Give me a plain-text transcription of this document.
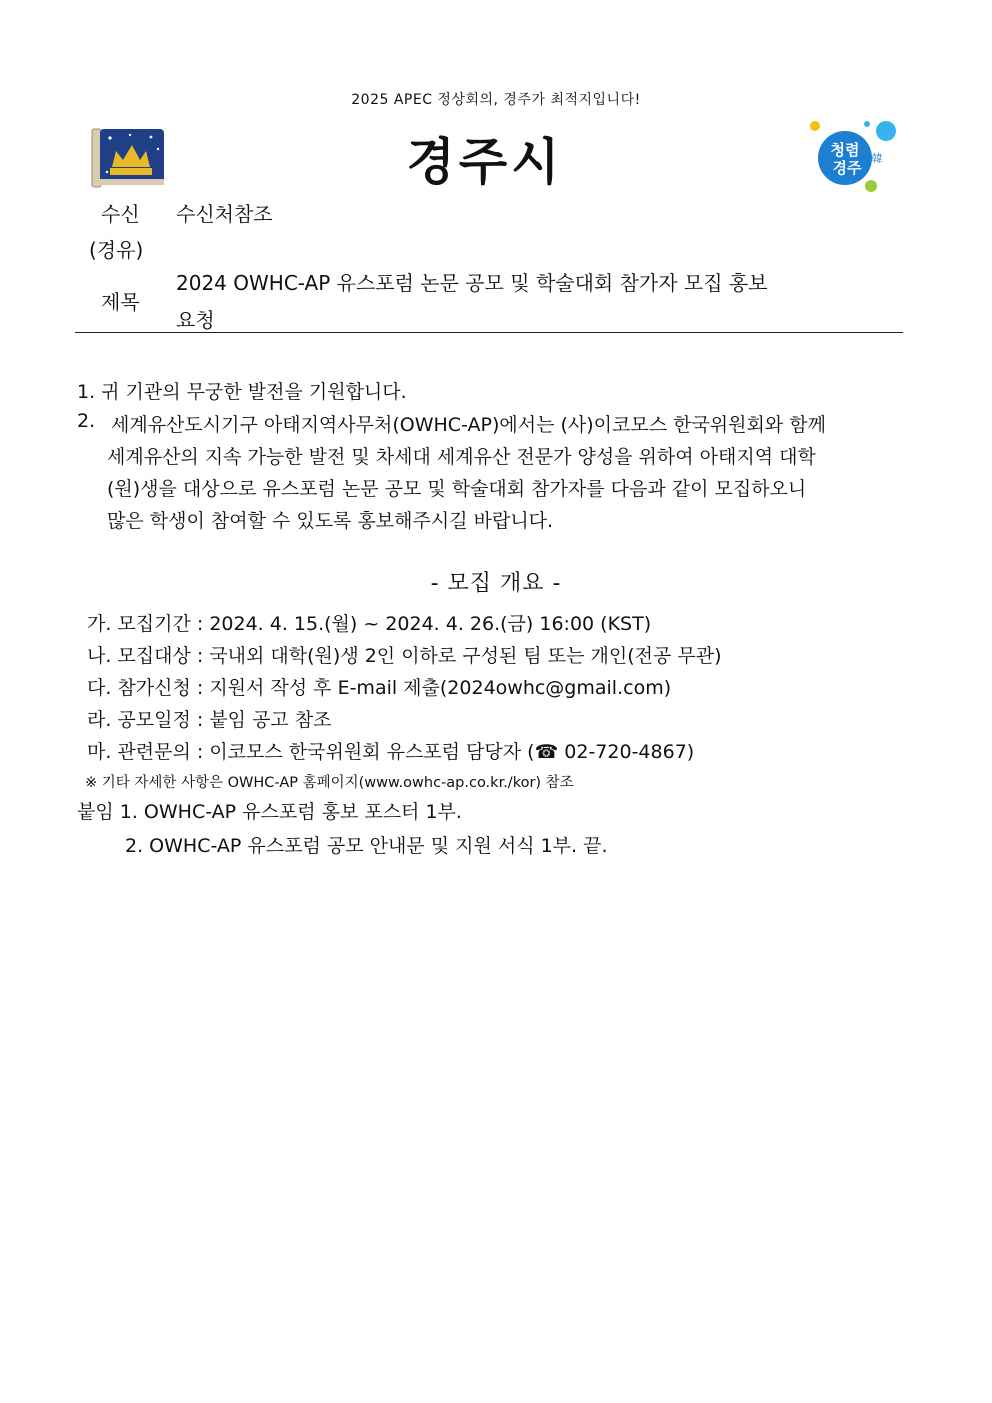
2025 APEC 정상회의, 경주가 최적지입니다!
경주시	청렴
경주
韓
수신 수신처참조
(경유)
제목
2024 OWHC-AP 유스포럼 논문 공모 및 학술대회 참가자 모집 홍보
요청
1. 귀 기관의 무궁한 발전을 기원합니다.
2. 세계유산도시기구 아태지역사무처(OWHC-AP)에서는 (사)이코모스 한국위원회와 함께
세계유산의 지속 가능한 발전 및 차세대 세계유산 전문가 양성을 위하여 아태지역 대학
(원)생을 대상으로 유스포럼 논문 공모 및 학술대회 참가자를 다음과 같이 모집하오니
많은 학생이 참여할 수 있도록 홍보해주시길 바랍니다.
- 모집 개요 -
가. 모집기간 : 2024. 4. 15.(월) ~ 2024. 4. 26.(금) 16:00 (KST)
나. 모집대상 : 국내외 대학(원)생 2인 이하로 구성된 팀 또는 개인(전공 무관)
다. 참가신청 : 지원서 작성 후 E-mail 제출(2024owhc@gmail.com)
라. 공모일정 : 붙임 공고 참조
마. 관련문의 : 이코모스 한국위원회 유스포럼 담당자 (☎ 02-720-4867)
※ 기타 자세한 사항은 OWHC-AP 홈페이지(www.owhc-ap.co.kr./kor) 참조
붙임 1. OWHC-AP 유스포럼 홍보 포스터 1부.
2. OWHC-AP 유스포럼 공모 안내문 및 지원 서식 1부. 끝.
